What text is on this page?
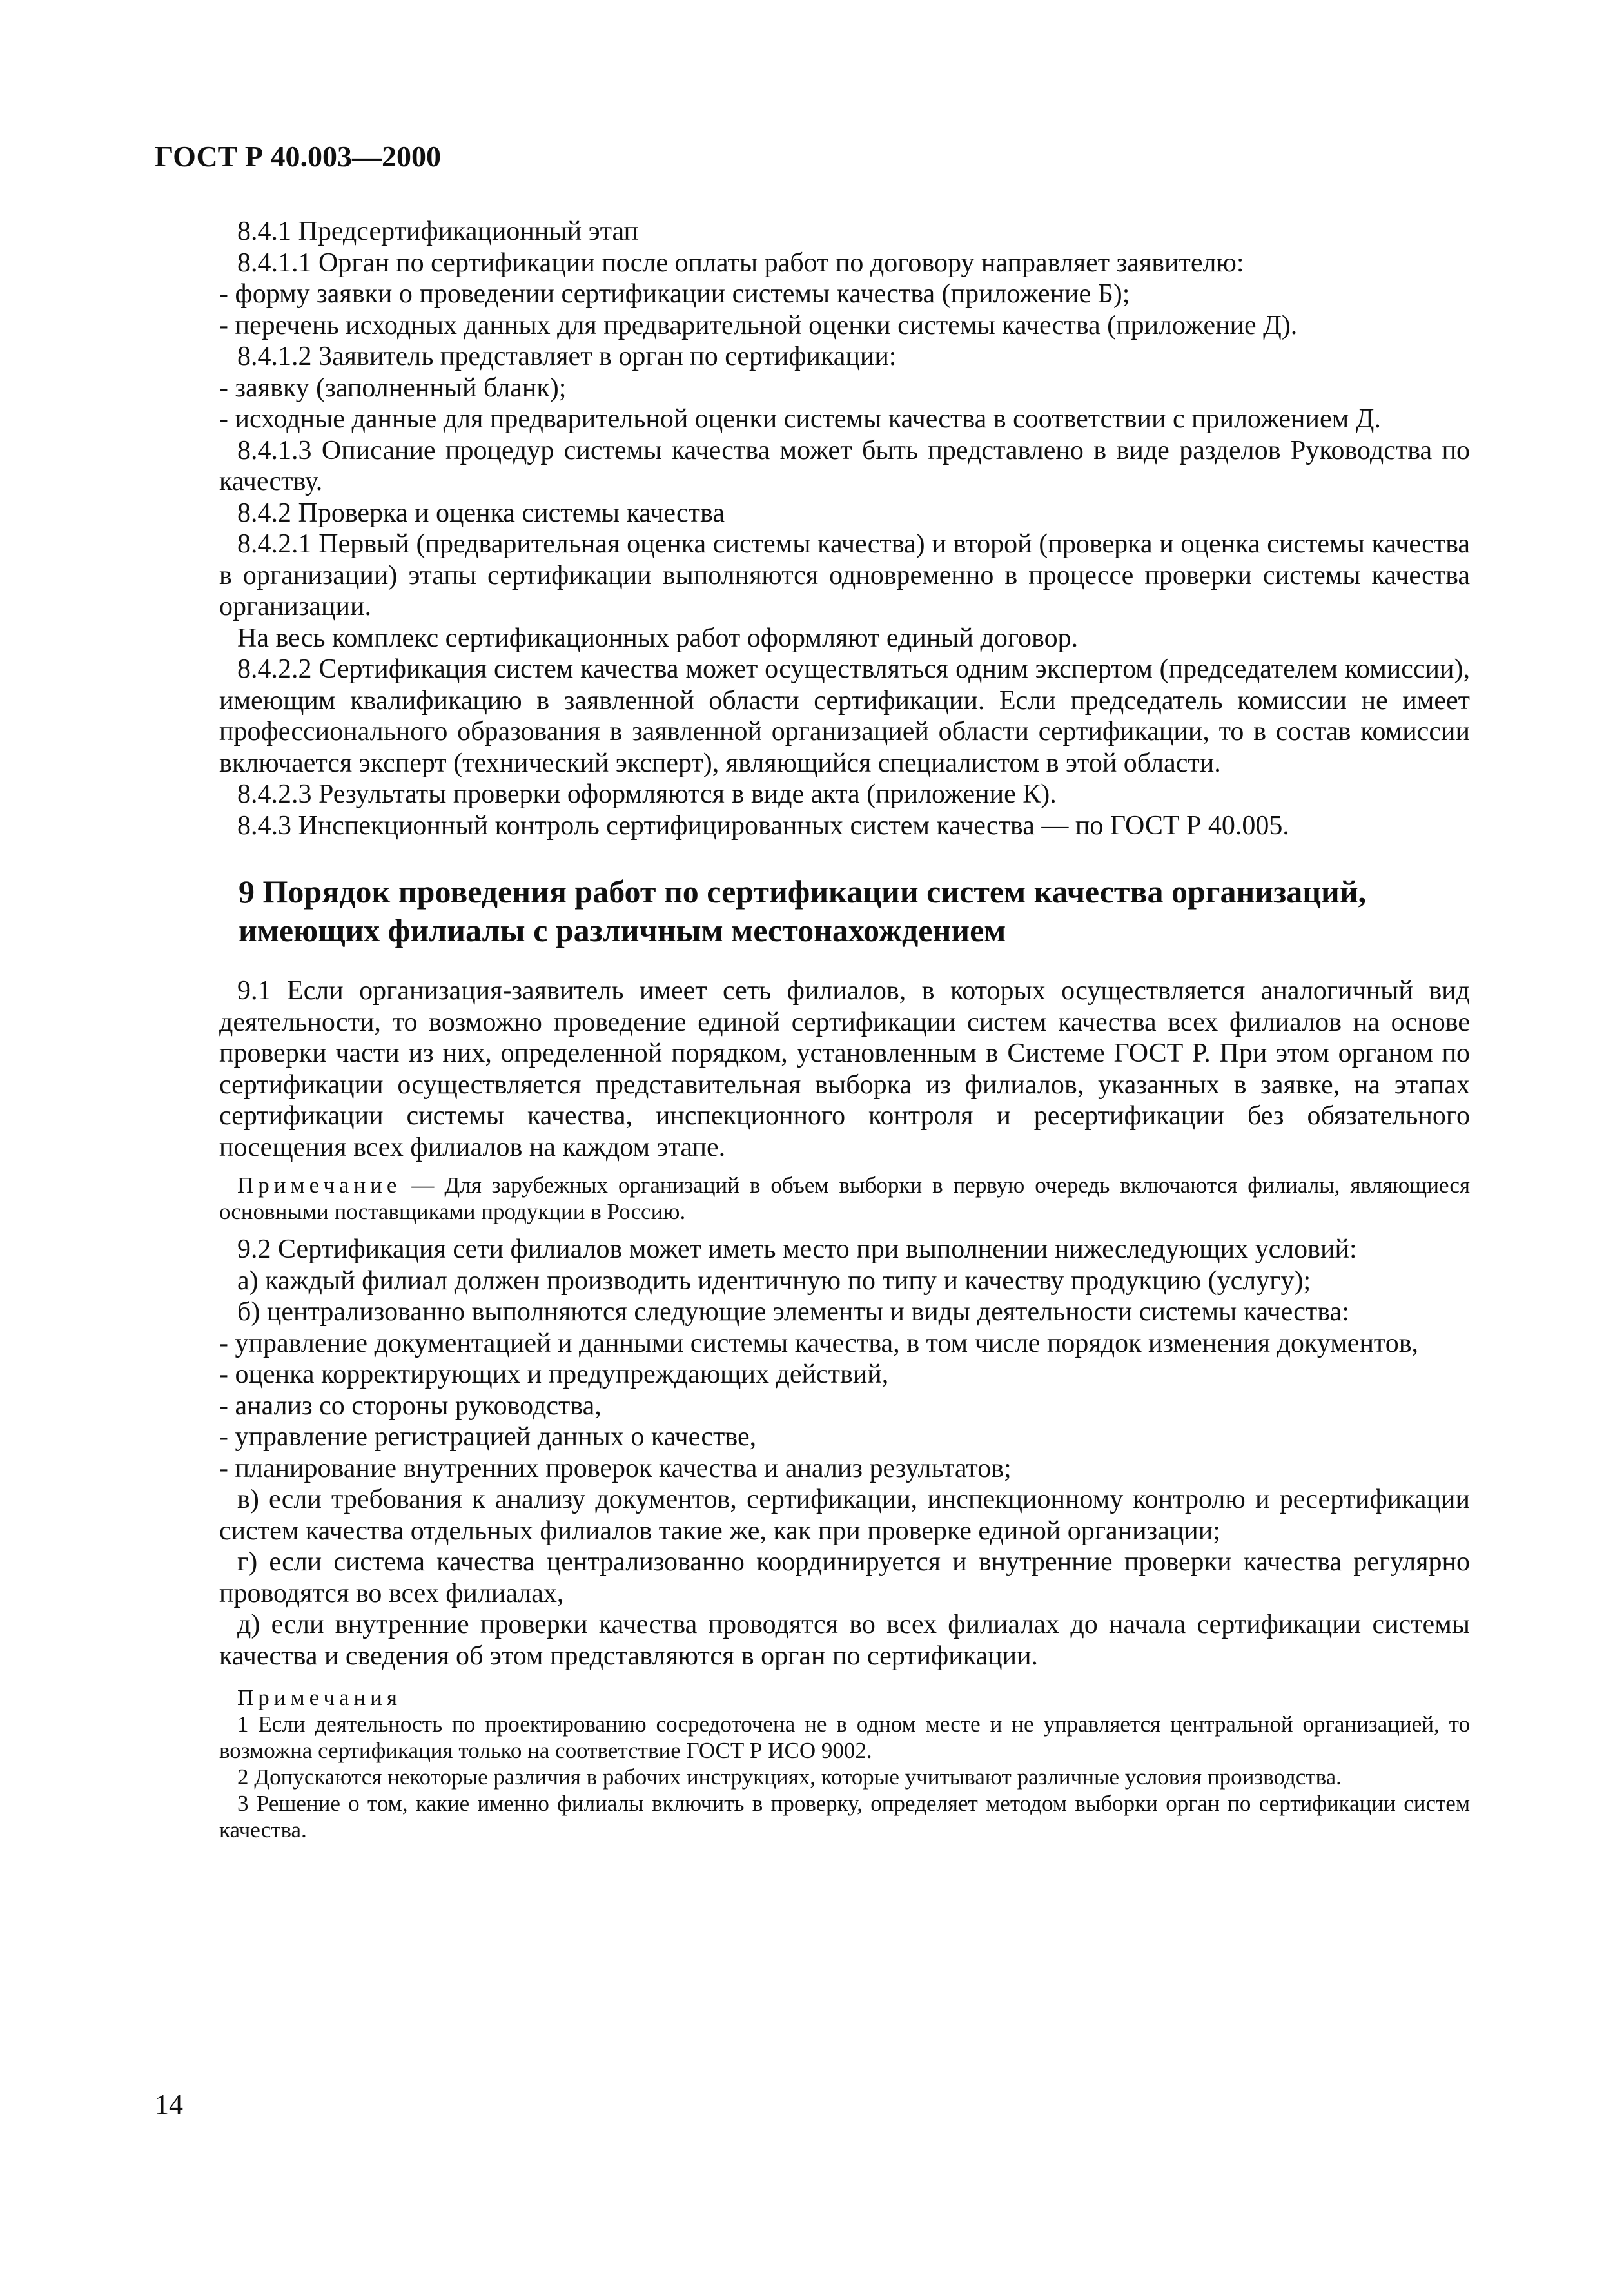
ГОСТ Р 40.003—2000

8.4.1 Предсертификационный этап

8.4.1.1 Орган по сертификации после оплаты работ по договору направляет заявителю:

- форму заявки о проведении сертификации системы качества (приложение Б);

- перечень исходных данных для предварительной оценки системы качества (приложение Д).

8.4.1.2 Заявитель представляет в орган по сертификации:

- заявку (заполненный бланк);

- исходные данные для предварительной оценки системы качества в соответствии с приложением Д.

8.4.1.3 Описание процедур системы качества может быть представлено в виде разделов Руководства по качеству.

8.4.2 Проверка и оценка системы качества

8.4.2.1 Первый (предварительная оценка системы качества) и второй (проверка и оценка системы качества в организации) этапы сертификации выполняются одновременно в процессе проверки системы качества организации.

На весь комплекс сертификационных работ оформляют единый договор.

8.4.2.2 Сертификация систем качества может осуществляться одним экспертом (председателем комиссии), имеющим квалификацию в заявленной области сертификации. Если председатель комиссии не имеет профессионального образования в заявленной организацией области сертификации, то в состав комиссии включается эксперт (технический эксперт), являющийся специалистом в этой области.

8.4.2.3 Результаты проверки оформляются в виде акта (приложение К).

8.4.3 Инспекционный контроль сертифицированных систем качества — по ГОСТ Р 40.005.

9 Порядок проведения работ по сертификации систем качества организаций, имеющих филиалы с различным местонахождением

9.1 Если организация-заявитель имеет сеть филиалов, в которых осуществляется аналогичный вид деятельности, то возможно проведение единой сертификации систем качества всех филиалов на основе проверки части из них, определенной порядком, установленным в Системе ГОСТ Р. При этом органом по сертификации осуществляется представительная выборка из филиалов, указанных в заявке, на этапах сертификации системы качества, инспекционного контроля и ресертификации без обязательного посещения всех филиалов на каждом этапе.

Примечание — Для зарубежных организаций в объем выборки в первую очередь включаются филиалы, являющиеся основными поставщиками продукции в Россию.

9.2 Сертификация сети филиалов может иметь место при выполнении нижеследующих условий:

а) каждый филиал должен производить идентичную по типу и качеству продукцию (услугу);

б) централизованно выполняются следующие элементы и виды деятельности системы качества:

- управление документацией и данными системы качества, в том числе порядок изменения документов,

- оценка корректирующих и предупреждающих действий,

- анализ со стороны руководства,

- управление регистрацией данных о качестве,

- планирование внутренних проверок качества и анализ результатов;

в) если требования к анализу документов, сертификации, инспекционному контролю и ресертификации систем качества отдельных филиалов такие же, как при проверке единой организации;

г) если система качества централизованно координируется и внутренние проверки качества регулярно проводятся во всех филиалах,

д) если внутренние проверки качества проводятся во всех филиалах до начала сертификации системы качества и сведения об этом представляются в орган по сертификации.

Примечания

1 Если деятельность по проектированию сосредоточена не в одном месте и не управляется центральной организацией, то возможна сертификация только на соответствие ГОСТ Р ИСО 9002.

2 Допускаются некоторые различия в рабочих инструкциях, которые учитывают различные условия производства.

3 Решение о том, какие именно филиалы включить в проверку, определяет методом выборки орган по сертификации систем качества.

14
